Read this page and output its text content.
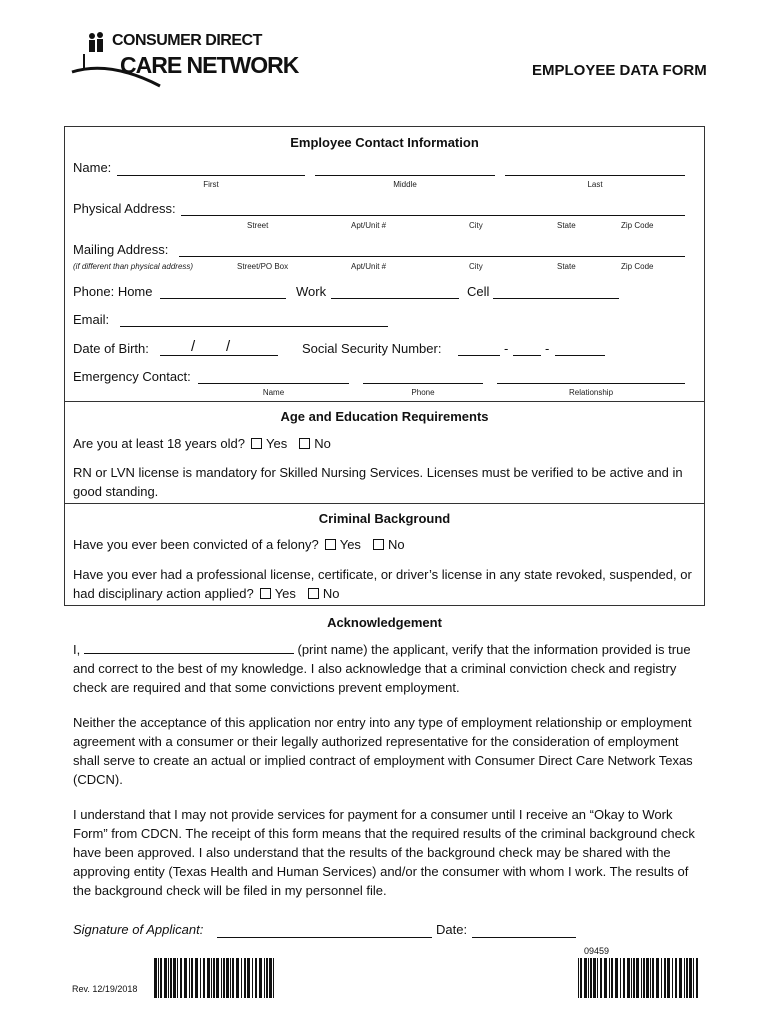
CONSUMER DIRECT
CARE NETWORK	EMPLOYEE DATA FORM
Employee Contact Information
Name:
First	Middle	Last
Physical Address:
Street	Apt/Unit #	City	State	Zip Code
Mailing Address:
(if different than physical address)	Street/PO Box	Apt/Unit #	City	State	Zip Code
Phone: Home	Work	Cell
Email:
Date of Birth:	/ /	Social Security Number:	-	-
Emergency Contact:
Name	Phone	Relationship
Age and Education Requirements
Are you at least 18 years old? Yes No
RN or LVN license is mandatory for Skilled Nursing Services. Licenses must be verified to be active and in good standing.
Criminal Background
Have you ever been convicted of a felony? Yes No
Have you ever had a professional license, certificate, or driver’s license in any state revoked, suspended, or had disciplinary action applied? Yes No
Acknowledgement
I,	(print name) the applicant, verify that the information provided is true and correct to the best of my knowledge. I also acknowledge that a criminal conviction check and registry check are required and that some convictions prevent employment.
Neither the acceptance of this application nor entry into any type of employment relationship or employment agreement with a consumer or their legally authorized representative for the consideration of employment shall serve to create an actual or implied contract of employment with Consumer Direct Care Network Texas (CDCN).
I understand that I may not provide services for payment for a consumer until I receive an “Okay to Work Form” from CDCN. The receipt of this form means that the required results of the criminal background check have been approved. I also understand that the results of the background check may be shared with the approving entity (Texas Health and Human Services) and/or the consumer with whom I work. The results of the background check will be filed in my personnel file.
Signature of Applicant:	Date:
09459
Rev. 12/19/2018
